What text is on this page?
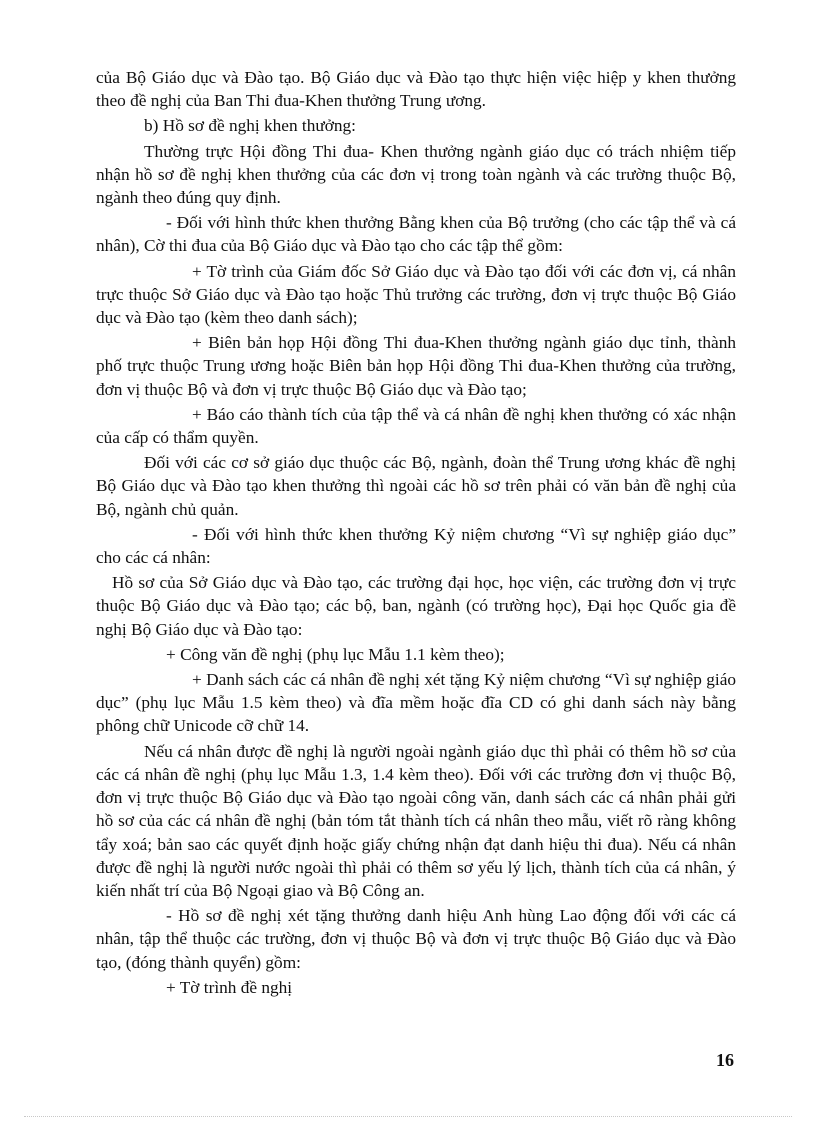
của Bộ Giáo dục và Đào tạo. Bộ Giáo dục và Đào tạo thực hiện việc hiệp y khen thưởng theo đề nghị của Ban Thi đua-Khen thưởng Trung ương.

b) Hồ sơ đề nghị khen thưởng:

Thường trực Hội đồng Thi đua- Khen thưởng ngành giáo dục có trách nhiệm tiếp nhận hồ sơ đề nghị khen thưởng của các đơn vị trong toàn ngành và các trường thuộc Bộ, ngành theo đúng quy định.

- Đối với hình thức khen thưởng Bằng khen của Bộ trưởng (cho các tập thể và cá nhân), Cờ thi đua của Bộ Giáo dục và Đào tạo cho các tập thể gồm:

+ Tờ trình của Giám đốc Sở Giáo dục và Đào tạo đối với các đơn vị, cá nhân trực thuộc Sở Giáo dục và Đào tạo hoặc Thủ trưởng các trường, đơn vị trực thuộc Bộ Giáo dục và Đào tạo (kèm theo danh sách);

+ Biên bản họp Hội đồng Thi đua-Khen thưởng ngành giáo dục tỉnh, thành phố trực thuộc Trung ương hoặc Biên bản họp Hội đồng Thi đua-Khen thưởng của trường, đơn vị thuộc Bộ và đơn vị trực thuộc Bộ Giáo dục và Đào tạo;

+ Báo cáo thành tích của tập thể và cá nhân đề nghị khen thưởng có xác nhận của cấp có thẩm quyền.

Đối với các cơ sở giáo dục thuộc các Bộ, ngành, đoàn thể Trung ương khác đề nghị Bộ Giáo dục và Đào tạo khen thưởng thì ngoài các hồ sơ trên phải có văn bản đề nghị của Bộ, ngành chủ quản.

- Đối với hình thức khen thưởng Kỷ niệm chương “Vì sự nghiệp giáo dục” cho các cá nhân:

Hồ sơ của Sở Giáo dục và Đào tạo, các trường đại học, học viện, các trường đơn vị trực thuộc Bộ Giáo dục và Đào tạo; các bộ, ban, ngành (có trường học), Đại học Quốc gia đề nghị Bộ Giáo dục và Đào tạo:

+ Công văn đề nghị (phụ lục Mẫu 1.1 kèm theo);

+ Danh sách các cá nhân đề nghị xét tặng Kỷ niệm chương “Vì sự nghiệp giáo dục” (phụ lục Mẫu 1.5 kèm theo) và đĩa mềm hoặc đĩa CD có ghi danh sách này bằng phông chữ Unicode cỡ chữ 14.

Nếu cá nhân được đề nghị là người ngoài ngành giáo dục thì phải có thêm hồ sơ của các cá nhân đề nghị (phụ lục Mẫu 1.3, 1.4 kèm theo). Đối với các trường đơn vị thuộc Bộ, đơn vị trực thuộc Bộ Giáo dục và Đào tạo ngoài công văn, danh sách các cá nhân phải gửi hồ sơ của các cá nhân đề nghị (bản tóm tắt thành tích cá nhân theo mẫu, viết rõ ràng không tẩy xoá; bản sao các quyết định hoặc giấy chứng nhận đạt danh hiệu thi đua). Nếu cá nhân được đề nghị là người nước ngoài thì phải có thêm sơ yếu lý lịch, thành tích của cá nhân, ý kiến nhất trí của Bộ Ngoại giao và Bộ Công an.

- Hồ sơ đề nghị xét tặng thưởng danh hiệu Anh hùng Lao động đối với các cá nhân, tập thể thuộc các trường, đơn vị thuộc Bộ và đơn vị trực thuộc Bộ Giáo dục và Đào tạo, (đóng thành quyển) gồm:

+ Tờ trình đề nghị

16
